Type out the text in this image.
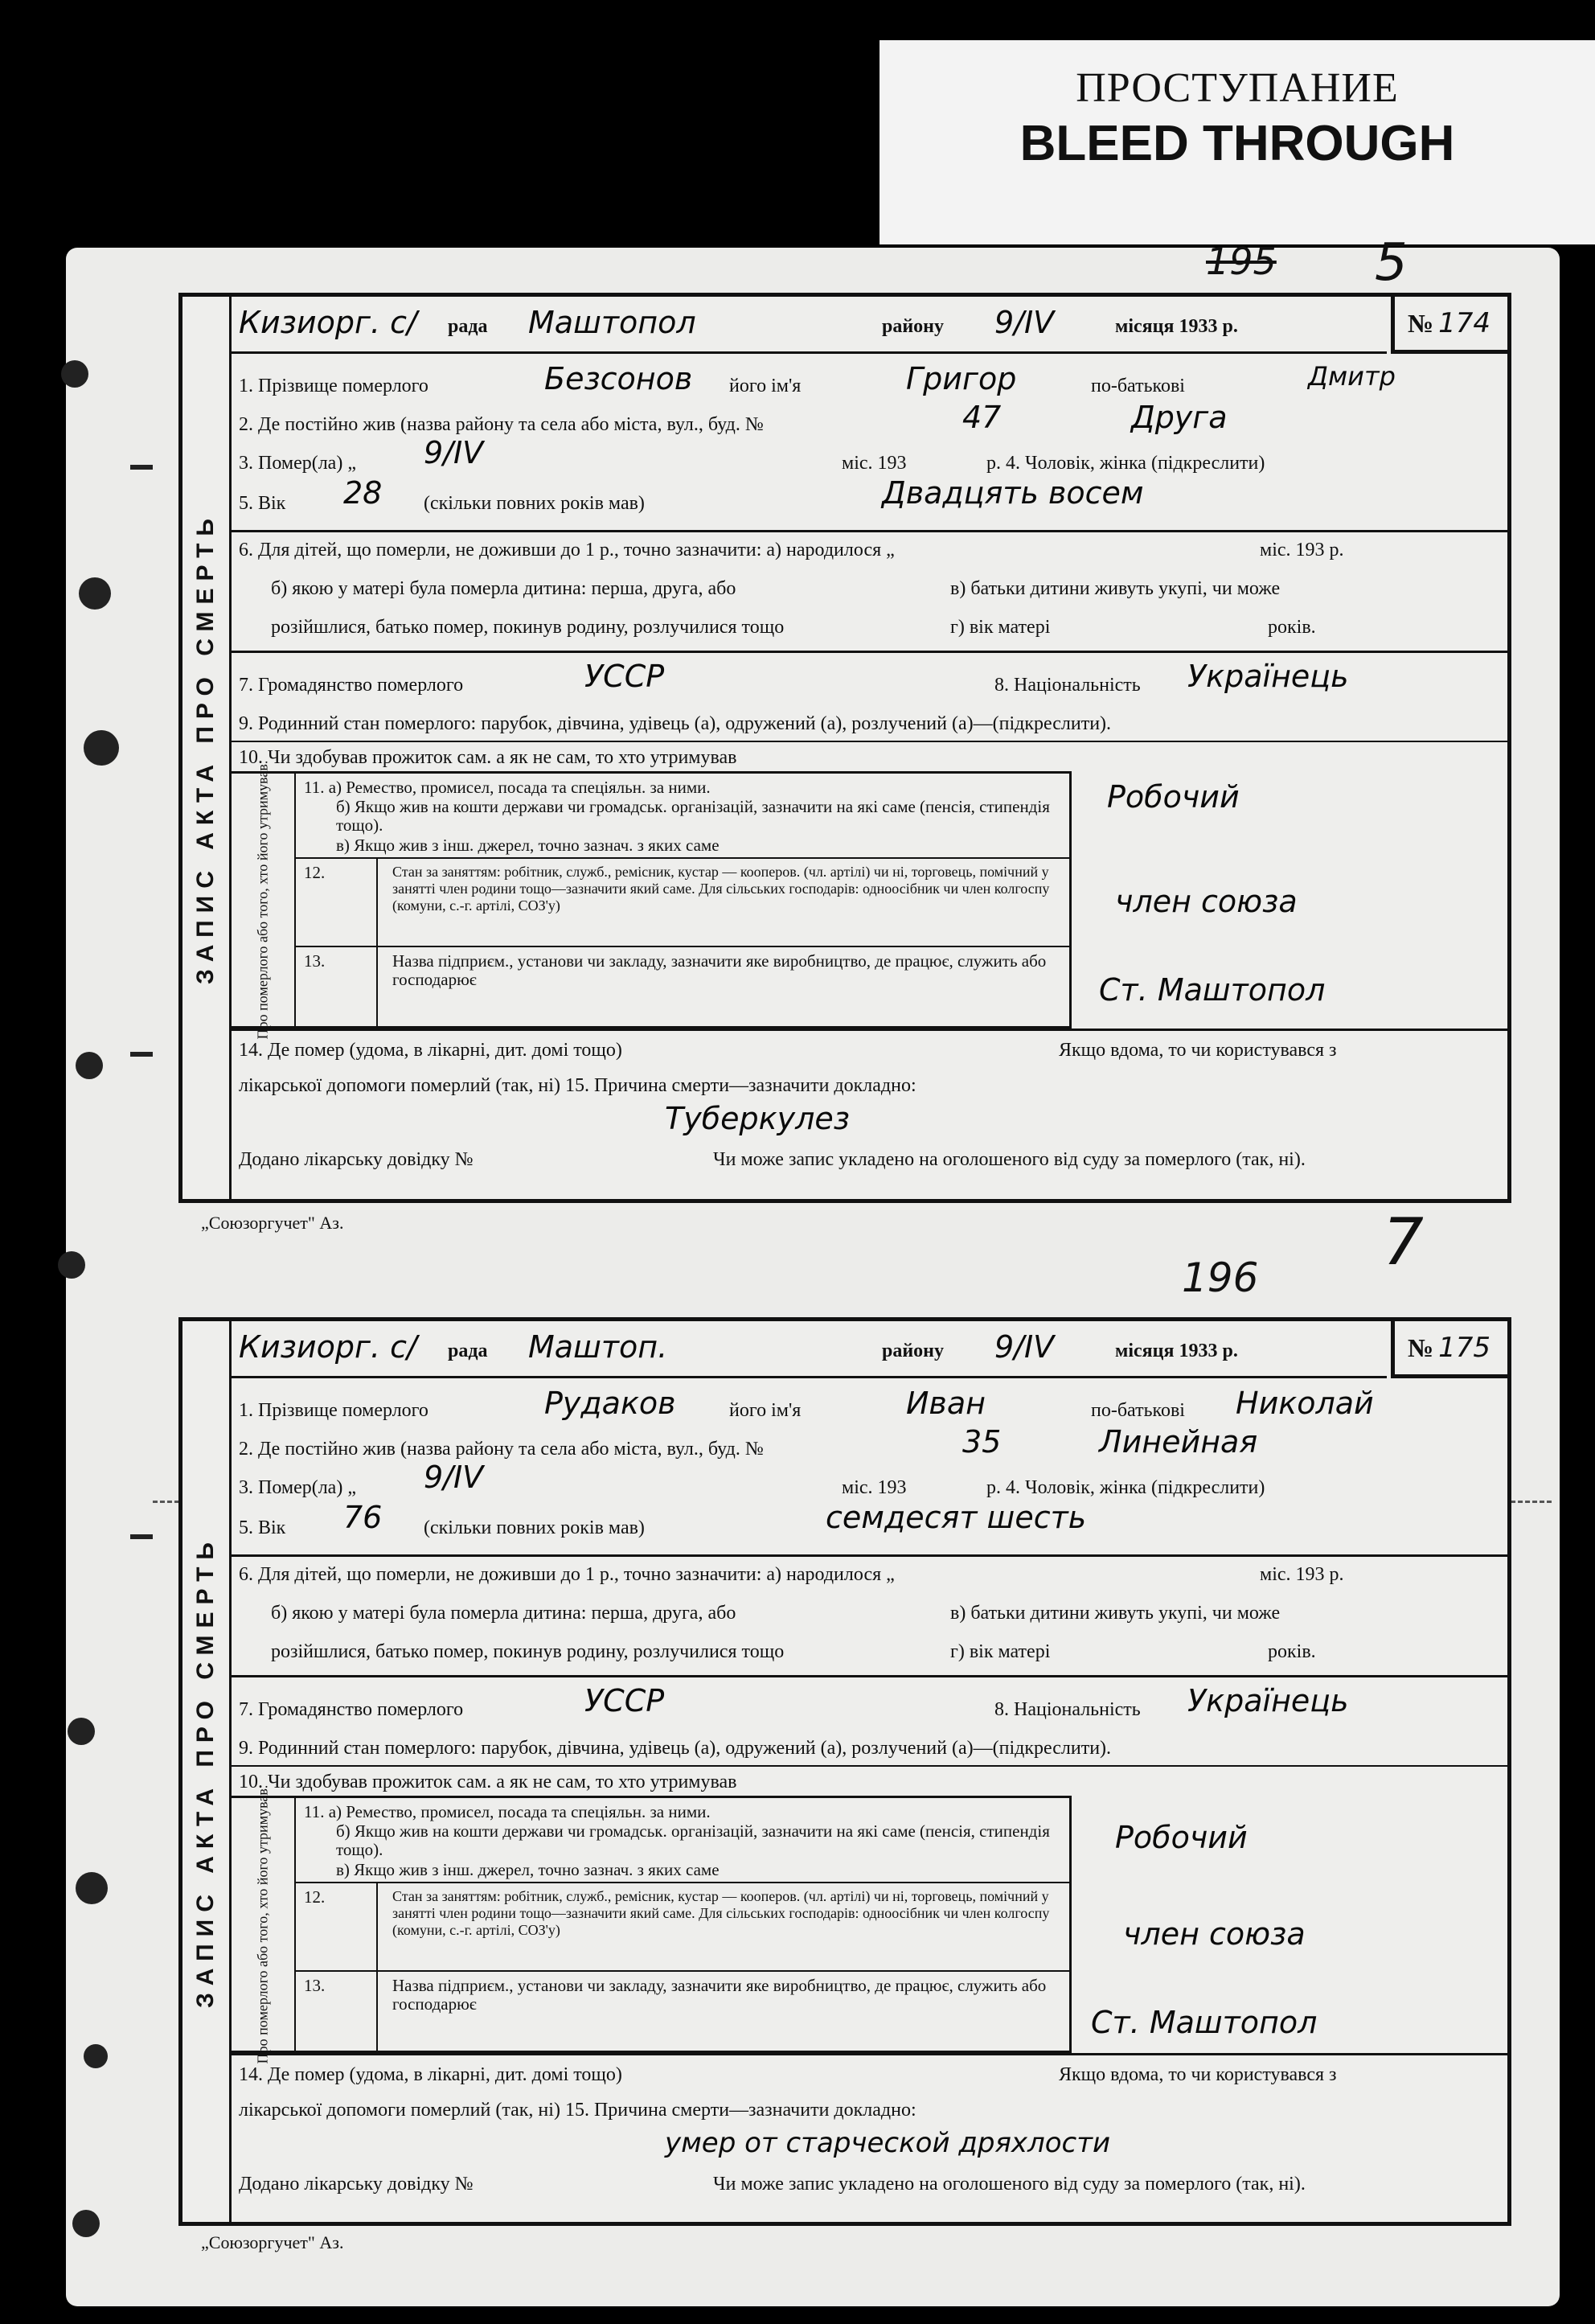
ПРОСТУПАНИЕ
BLEED THROUGH
195 5
196 7
ЗАПИС АКТА ПРО СМЕРТЬ
№ 174
Кизиорг. с/ рада	Маштопол	району	9/IV	місяця 1933 р.
1. Прізвище померлого	Безсонов його ім'я	Григор	по-батькові	Дмитр
2. Де постійно жив (назва району та села або міста, вул., буд. №	47	Друга
3. Помер(ла) „	9/IV	міс. 193	р. 4. Чоловік, жінка (підкреслити)
5. Вік	28 (скільки повних років мав)	Двадцять восем
6. Для дітей, що померли, не доживши до 1 р., точно зазначити: а) народилося „	міс. 193 р.
б) якою у матері була померла дитина: перша, друга, або	в) батьки дитини живуть укупі, чи може
розійшлися, батько помер, покинув родину, розлучилися тощо	г) вік матері	років.
7. Громадянство померлого	УССР	8. Національність	Українець
9. Родинний стан померлого: парубок, дівчина, удівець (а), одружений (а), розлучений (а)—(підкреслити).
10. Чи здобував прожиток сам. а як не сам, то хто утримував
Про померлого або того, хто його утримував. 11. а) Ремество, промисел, посада та спеціяльн. за ними.
б) Якщо жив на кошти держави чи громадськ. організацій, зазначити на які саме (пенсія, стипендія тощо).
в) Якщо жив з інш. джерел, точно зазнач. з яких саме
12.	Стан за заняттям: робітник, служб., реміcник, кустар — кооперов. (чл. артілі) чи ні, торговець, помічний у занятті член родини тощо—зазначити який саме. Для сільських господарів: одноосібник чи член колгоспу (комуни, с.-г. артілі, СОЗ'у)
13.	Назва підприєм., установи чи закладу, зазначити яке виробництво, де працює, служить або господарює
Робочий
член союза
Ст. Маштопол
14. Де помер (удома, в лікарні, дит. домі тощо)	Якщо вдома, то чи користувався з
лікарської допомоги померлий (так, ні) 15. Причина смерти—зазначити докладно:
Туберкулез
Додано лікарську довідку №	Чи може запис укладено на оголошеного від суду за померлого (так, ні).
„Союзоргучет" Аз.
ЗАПИС АКТА ПРО СМЕРТЬ
№ 175
Кизиорг. с/ рада	Маштоп.	району	9/IV	місяця 1933 р.
1. Прізвище померлого	Рудаков	його ім'я	Иван	по-батькові	Николай
2. Де постійно жив (назва району та села або міста, вул., буд. №	35	Линейная
3. Помер(ла) „	9/IV	міс. 193	р. 4. Чоловік, жінка (підкреслити)
5. Вік	76 (скільки повних років мав)	семдесят шесть
6. Для дітей, що померли, не доживши до 1 р., точно зазначити: а) народилося „	міс. 193 р.
б) якою у матері була померла дитина: перша, друга, або	в) батьки дитини живуть укупі, чи може
розійшлися, батько помер, покинув родину, розлучилися тощо	г) вік матері	років.
7. Громадянство померлого	УССР	8. Національність	Українець
9. Родинний стан померлого: парубок, дівчина, удівець (а), одружений (а), розлучений (а)—(підкреслити).
10. Чи здобував прожиток сам. а як не сам, то хто утримував
Про померлого або того, хто його утримував. 11. а) Ремество, промисел, посада та спеціяльн. за ними.
б) Якщо жив на кошти держави чи громадськ. організацій, зазначити на які саме (пенсія, стипендія тощо).
в) Якщо жив з інш. джерел, точно зазнач. з яких саме
12.	Стан за заняттям: робітник, служб., реміcник, кустар — кооперов. (чл. артілі) чи ні, торговець, помічний у занятті член родини тощо—зазначити який саме. Для сільських господарів: одноосібник чи член колгоспу (комуни, с.-г. артілі, СОЗ'у)
13.	Назва підприєм., установи чи закладу, зазначити яке виробництво, де працює, служить або господарює
Робочий
член союза
Ст. Маштопол
14. Де помер (удома, в лікарні, дит. домі тощо)	Якщо вдома, то чи користувався з
лікарської допомоги померлий (так, ні) 15. Причина смерти—зазначити докладно:
умер от старческой дряхлости
Додано лікарську довідку №	Чи може запис укладено на оголошеного від суду за померлого (так, ні).
„Союзоргучет" Аз.
